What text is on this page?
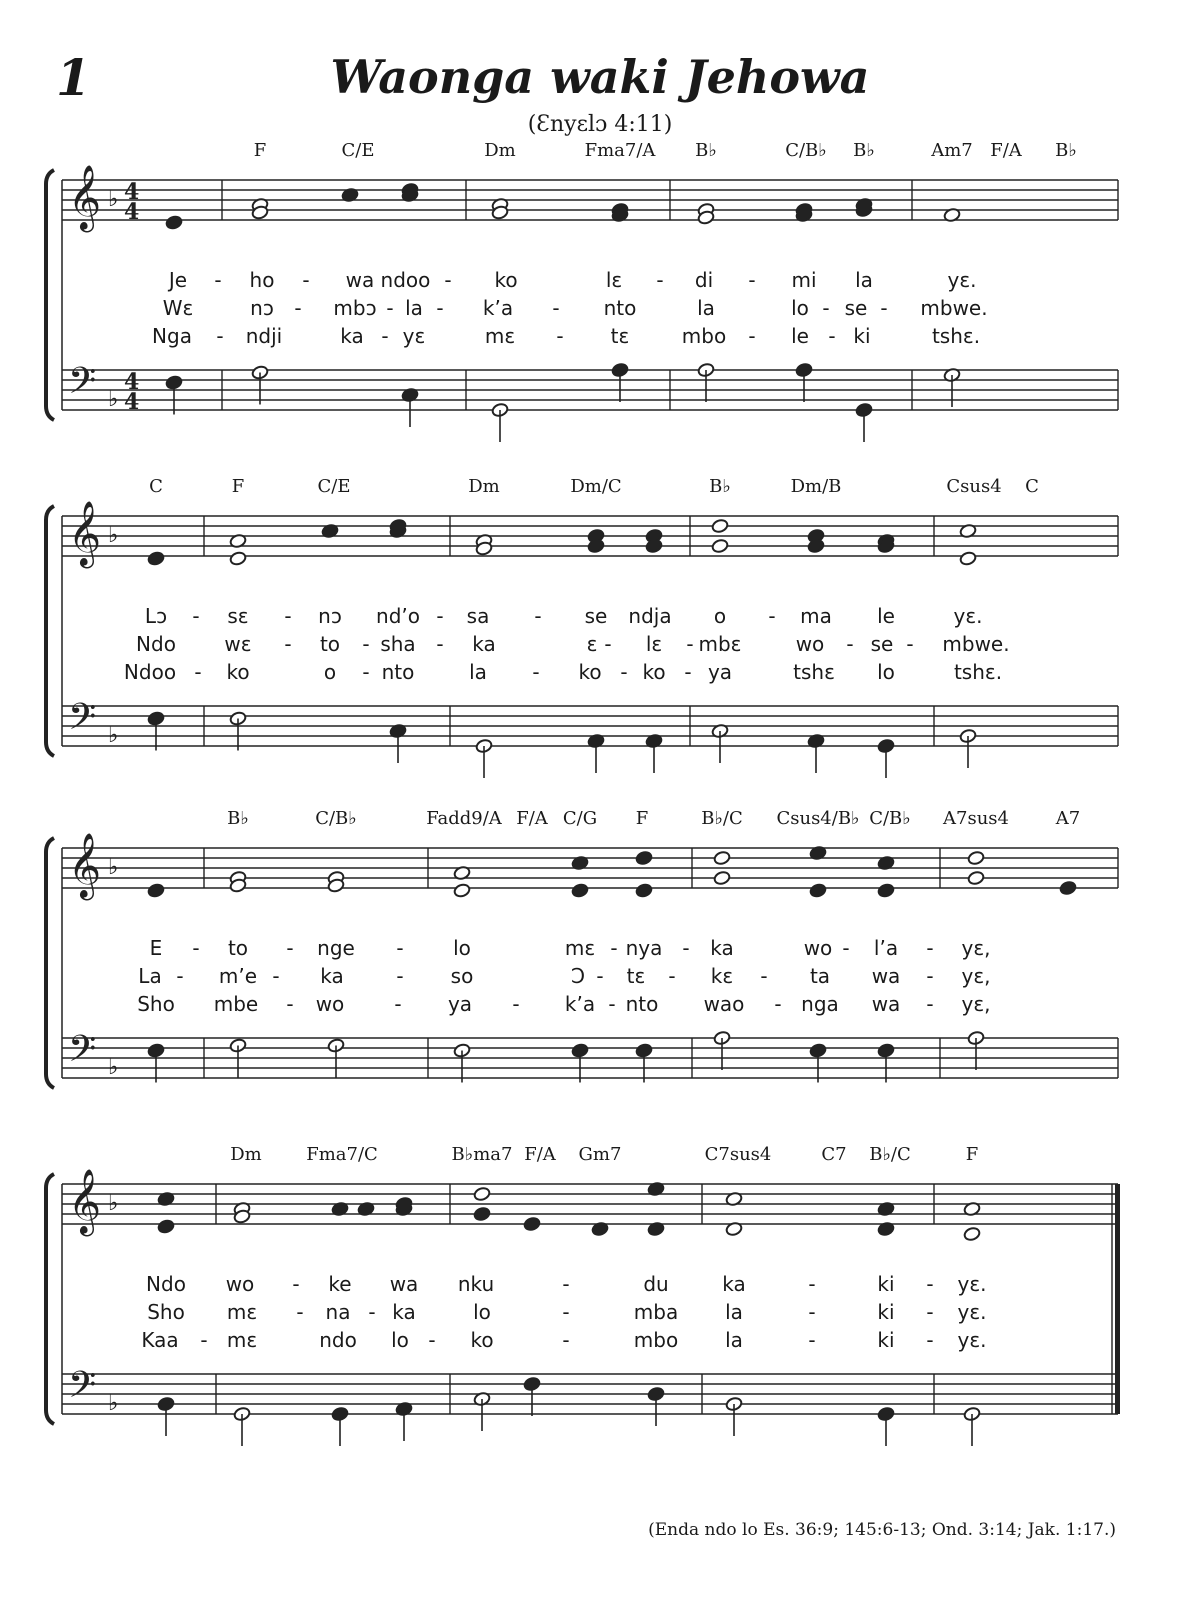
1	Waonga waki Jehowa
(Ɛnyɛlɔ 4:11)
𝄞
𝄢
♭
♭
4
4
4
4
F	C/E	Dm	Fma7/A B♭	C/B♭ B♭	Am7 F/A B♭
Je - ho - wa ndoo - ko	lɛ - di - mi la	yɛ.
Wɛ	nɔ - mbɔ - la - k’a - nto	la	lo - se - mbwe.
Nga - ndji	ka - yɛ	mɛ - tɛ	mbo - le - ki	tshɛ.
𝄞
𝄢
♭
♭
C	F	C/E	Dm	Dm/C	B♭	Dm/B	Csus4 C
Lɔ - sɛ - nɔ nd’o - sa - se ndja o - ma le	yɛ.
Ndo wɛ - to - sha - ka	ɛ - lɛ - mbɛ	wo - se - mbwe.
Ndoo - ko	o - nto	la - ko - ko - ya	tshɛ lo	tshɛ.
𝄞
𝄢
♭
♭
B♭	C/B♭	Fadd9/A F/A C/G F	B♭/C Csus4/B♭ C/B♭ A7sus4	A7
E - to - nge - lo	mɛ - nya - ka	wo - l’a - yɛ,
La - m’e - ka	- so	Ɔ - tɛ - kɛ - ta wa - yɛ,
Sho mbe - wo	- ya - k’a - nto wao - nga wa - yɛ,
𝄞
𝄢
♭
♭
Dm Fma7/C	B♭ma7 F/A Gm7	C7sus4	C7 B♭/C	F
Ndo wo - ke wa nku	-	du	ka	-	ki - yɛ.
Sho mɛ - na - ka	lo	-	mba la	-	ki - yɛ.
Kaa - mɛ	ndo lo - ko	-	mbo la	-	ki - yɛ.
(Enda ndo lo Es. 36:9; 145:6-13; Ond. 3:14; Jak. 1:17.)
